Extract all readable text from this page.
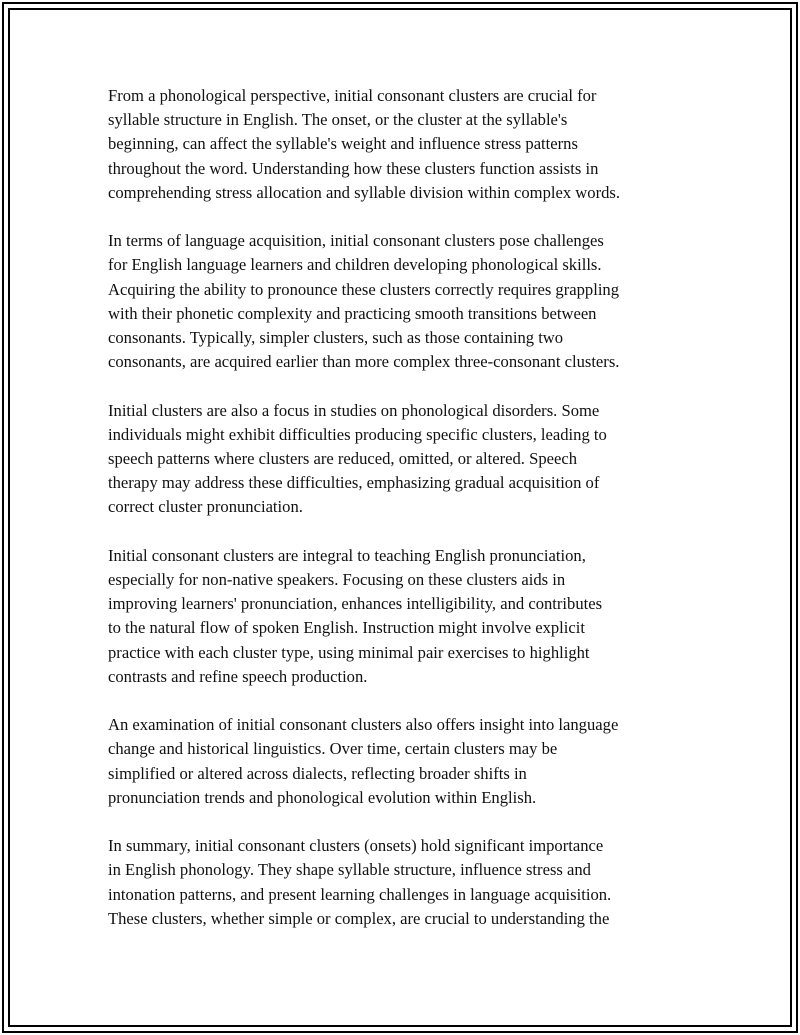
From a phonological perspective, initial consonant clusters are crucial for
syllable structure in English. The onset, or the cluster at the syllable's
beginning, can affect the syllable's weight and influence stress patterns
throughout the word. Understanding how these clusters function assists in
comprehending stress allocation and syllable division within complex words.

In terms of language acquisition, initial consonant clusters pose challenges
for English language learners and children developing phonological skills.
Acquiring the ability to pronounce these clusters correctly requires grappling
with their phonetic complexity and practicing smooth transitions between
consonants. Typically, simpler clusters, such as those containing two
consonants, are acquired earlier than more complex three-consonant clusters.

Initial clusters are also a focus in studies on phonological disorders. Some
individuals might exhibit difficulties producing specific clusters, leading to
speech patterns where clusters are reduced, omitted, or altered. Speech
therapy may address these difficulties, emphasizing gradual acquisition of
correct cluster pronunciation.

Initial consonant clusters are integral to teaching English pronunciation,
especially for non-native speakers. Focusing on these clusters aids in
improving learners' pronunciation, enhances intelligibility, and contributes
to the natural flow of spoken English. Instruction might involve explicit
practice with each cluster type, using minimal pair exercises to highlight
contrasts and refine speech production.

An examination of initial consonant clusters also offers insight into language
change and historical linguistics. Over time, certain clusters may be
simplified or altered across dialects, reflecting broader shifts in
pronunciation trends and phonological evolution within English.

In summary, initial consonant clusters (onsets) hold significant importance
in English phonology. They shape syllable structure, influence stress and
intonation patterns, and present learning challenges in language acquisition.
These clusters, whether simple or complex, are crucial to understanding the
